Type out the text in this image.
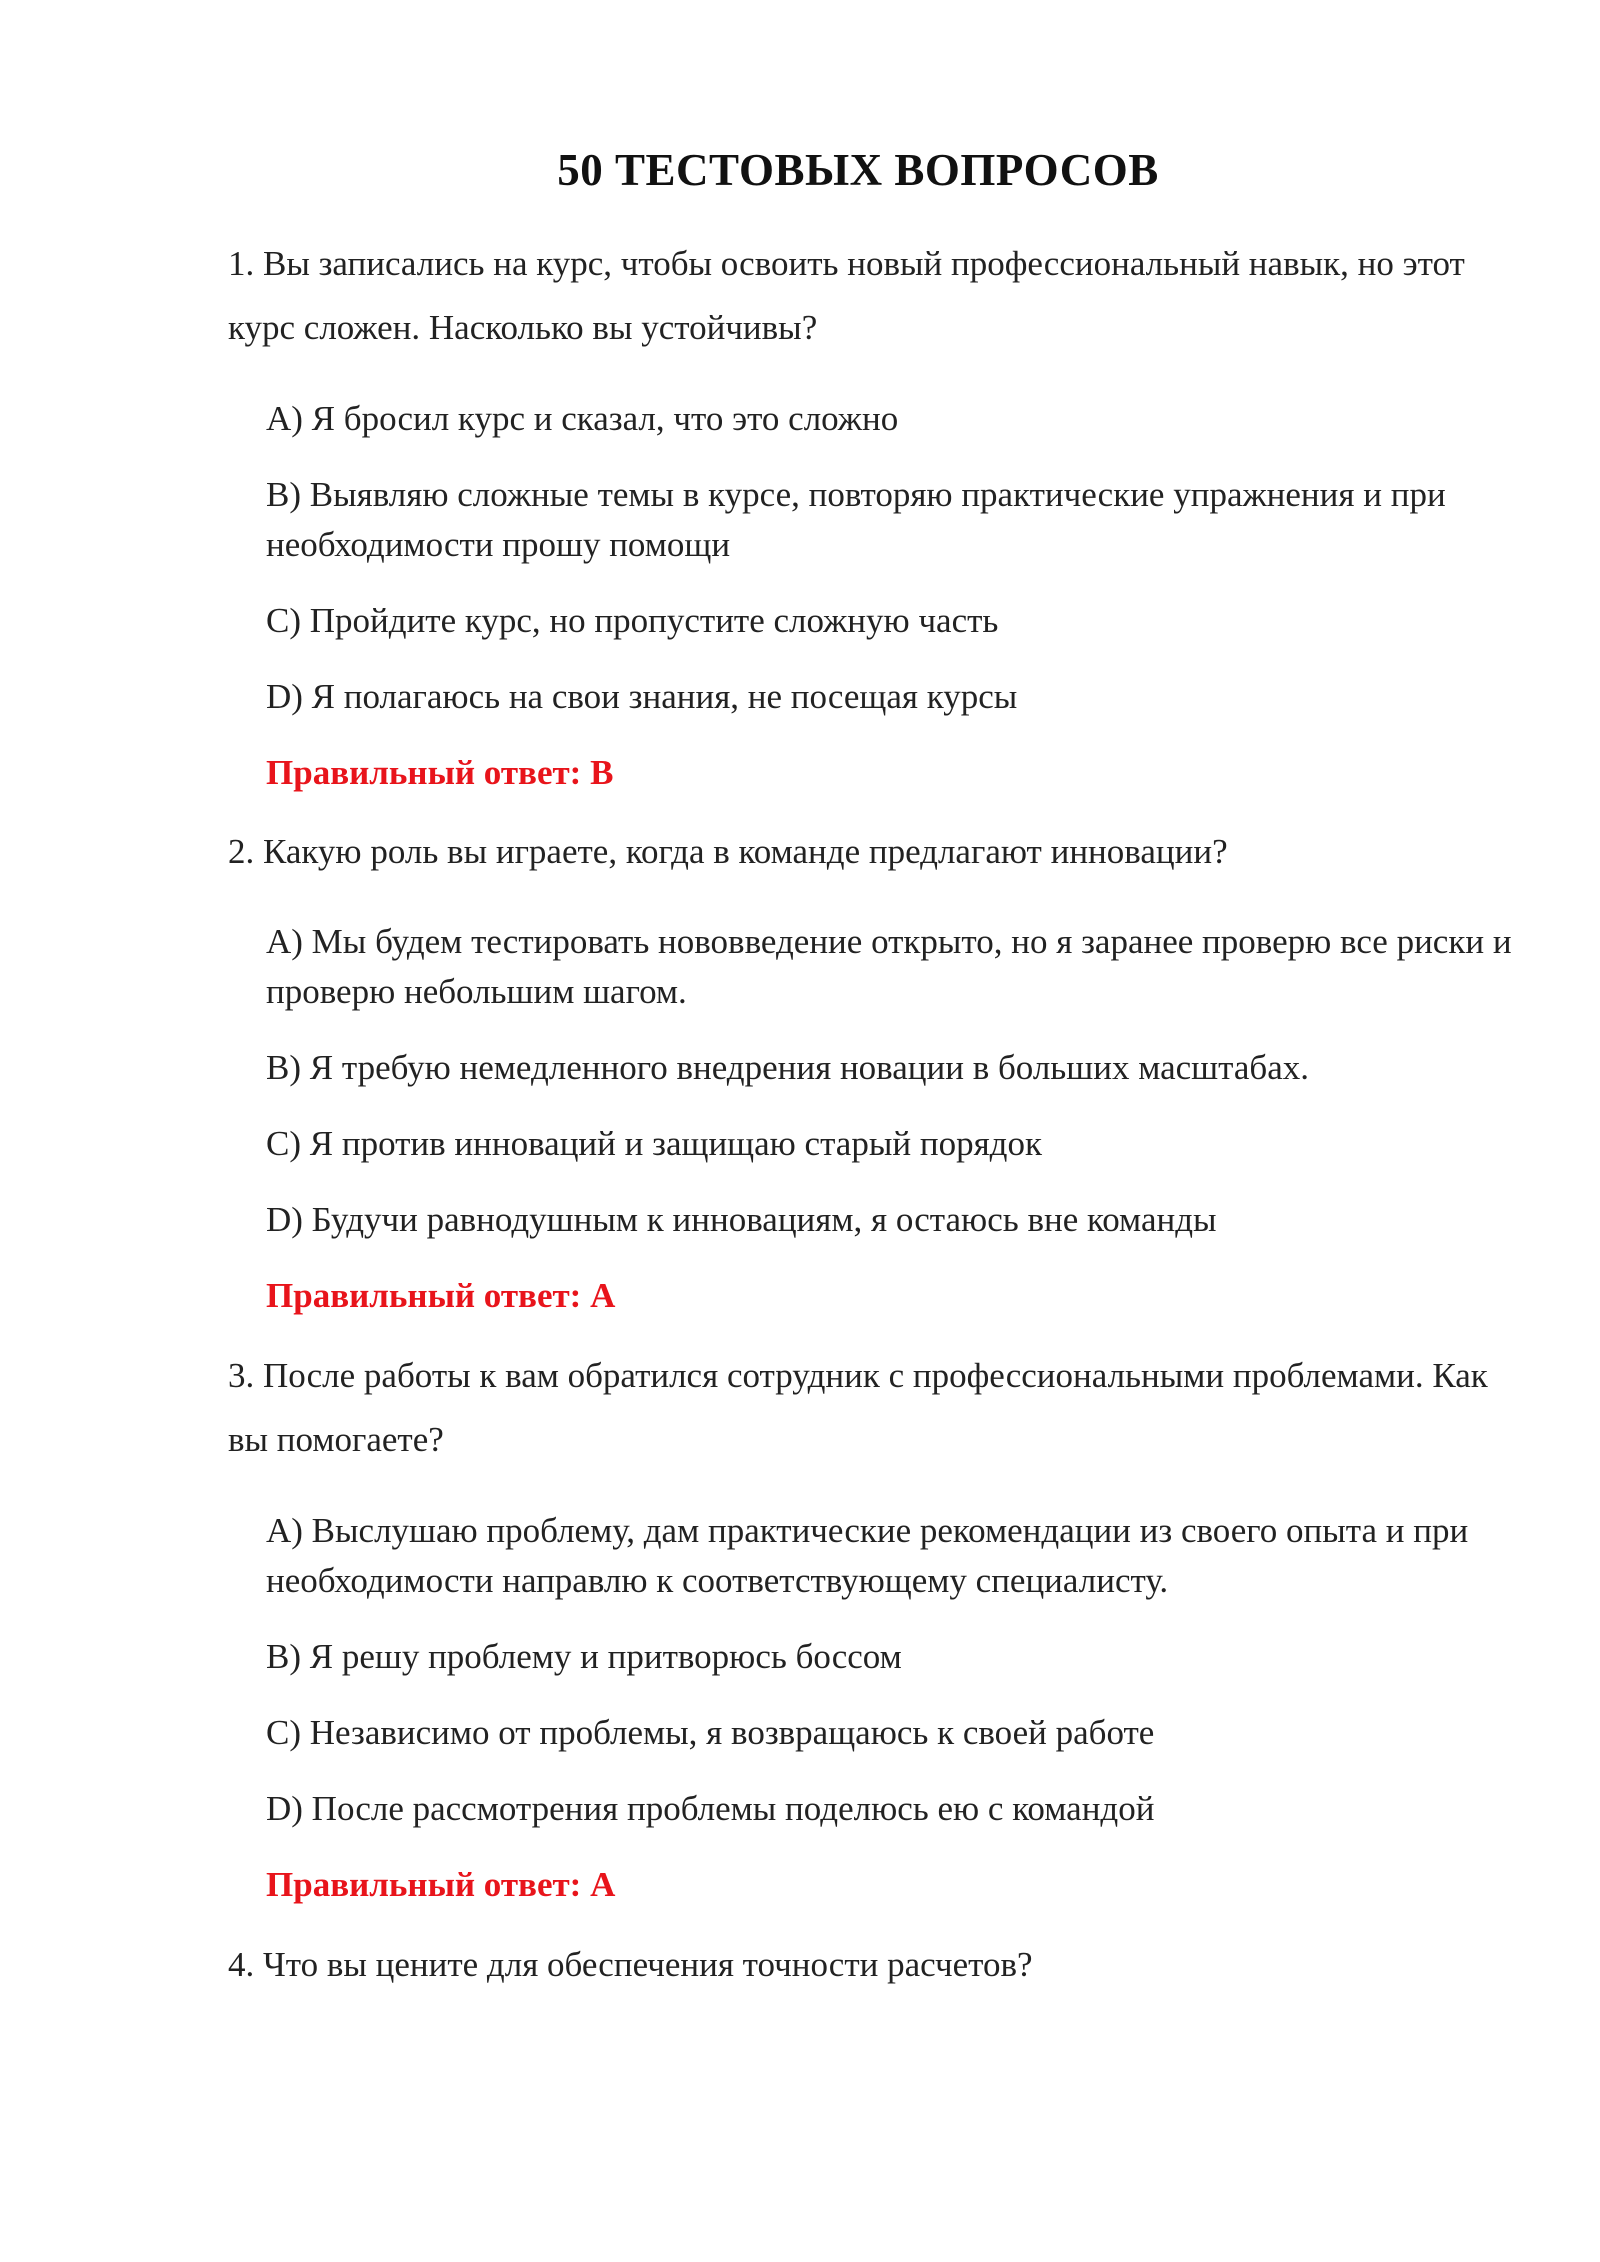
50 ТЕСТОВЫХ ВОПРОСОВ

1. Вы записались на курс, чтобы освоить новый профессиональный навык, но этот курс сложен. Насколько вы устойчивы?

A) Я бросил курс и сказал, что это сложно

B) Выявляю сложные темы в курсе, повторяю практические упражнения и при необходимости прошу помощи

C) Пройдите курс, но пропустите сложную часть

D) Я полагаюсь на свои знания, не посещая курсы

Правильный ответ: B

2. Какую роль вы играете, когда в команде предлагают инновации?

A) Мы будем тестировать нововведение открыто, но я заранее проверю все риски и проверю небольшим шагом.

B) Я требую немедленного внедрения новации в больших масштабах.

C) Я против инноваций и защищаю старый порядок

D) Будучи равнодушным к инновациям, я остаюсь вне команды

Правильный ответ: A

3. После работы к вам обратился сотрудник с профессиональными проблемами. Как вы помогаете?

A) Выслушаю проблему, дам практические рекомендации из своего опыта и при необходимости направлю к соответствующему специалисту.

B) Я решу проблему и притворюсь боссом

C) Независимо от проблемы, я возвращаюсь к своей работе

D) После рассмотрения проблемы поделюсь ею с командой

Правильный ответ: A

4. Что вы цените для обеспечения точности расчетов?
